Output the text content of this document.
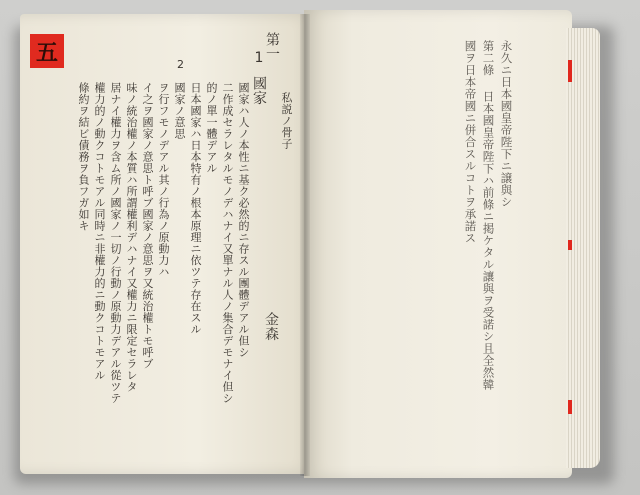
五	永久ニ日本國皇帝陛下ニ譲與シ
第二條 日本國皇帝陛下ハ前條ニ掲ケタル讓與ヲ受諾シ且全然韓
國ヲ日本帝國ニ併合スルコトヲ承諾ス
第一
1
國家
私説ノ骨子
金森
2
國家ハ人ノ本性ニ基ク必然的ニ存スル團體デアル但シ
二作成セラレタルモノデハナイ又單ナル人ノ集合デモナイ但シ
的ノ單一體デアル
日本國家ハ日本特有ノ根本原理ニ依ツテ存在スル
國家ノ意思
ヲ行フモノデアル其ノ行為ノ原動力ハ
イ之ヲ國家ノ意思ト呼ブ國家ノ意思ヲ又統治權トモ呼ブ
味ノ統治權ノ本質ハ所謂權利デハナイ又權力ニ限定セラレタ
居ナイ權力ヲ含ム所ノ國家ノ一切ノ行動ノ原動力デアル從ツテ
權力的ノ動クコトモアル同時ニ非權力的ニ動クコトモアル
條約ヲ結ビ債務ヲ負フガ如キ
